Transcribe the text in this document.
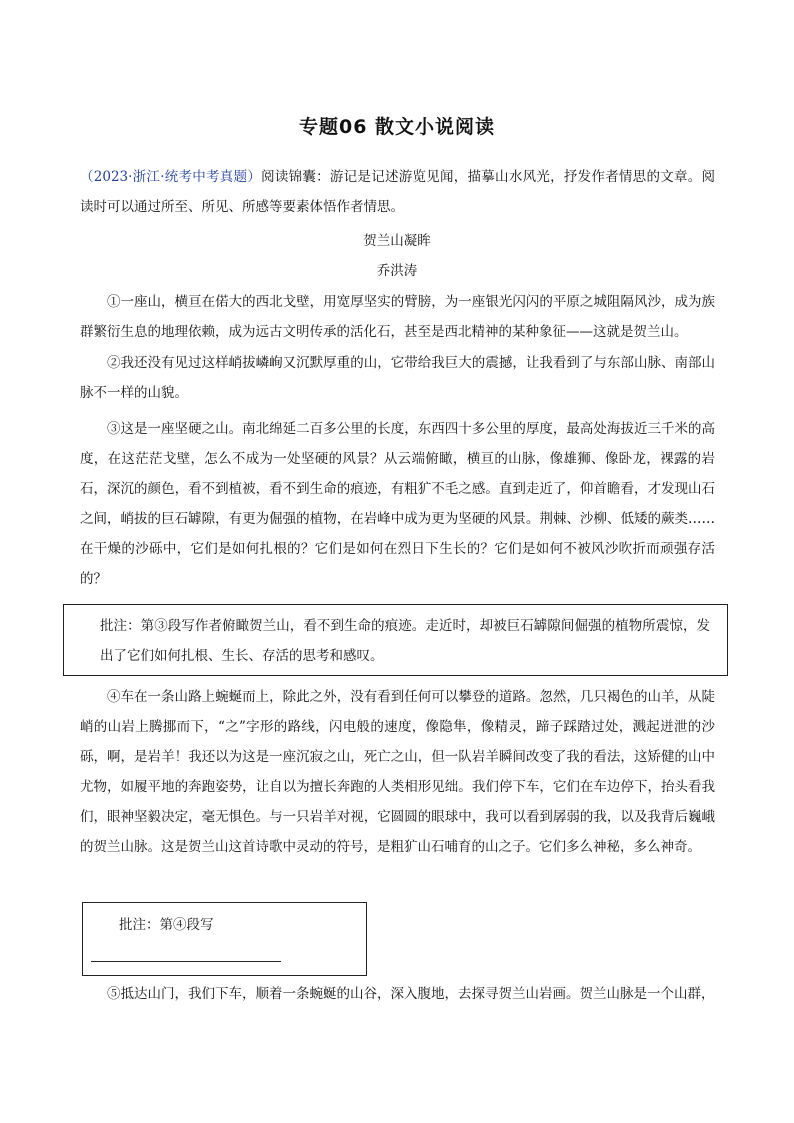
专题06 散文小说阅读

（2023·浙江·统考中考真题）阅读锦囊：游记是记述游览见闻，描摹山水风光，抒发作者情思的文章。阅读时可以通过所至、所见、所感等要素体悟作者情思。

贺兰山凝眸
乔洪涛

①一座山，横亘在偌大的西北戈壁，用宽厚坚实的臂膀，为一座银光闪闪的平原之城阻隔风沙，成为族群繁衍生息的地理依赖，成为远古文明传承的活化石，甚至是西北精神的某种象征——这就是贺兰山。

②我还没有见过这样峭拔嶙峋又沉默厚重的山，它带给我巨大的震撼，让我看到了与东部山脉、南部山脉不一样的山貌。

③这是一座坚硬之山。南北绵延二百多公里的长度，东西四十多公里的厚度，最高处海拔近三千米的高度，在这茫茫戈壁，怎么不成为一处坚硬的风景？从云端俯瞰，横亘的山脉，像雄狮、像卧龙，裸露的岩石，深沉的颜色，看不到植被，看不到生命的痕迹，有粗犷不毛之感。直到走近了，仰首瞻看，才发现山石之间，峭拔的巨石罅隙，有更为倔强的植物，在岩峰中成为更为坚硬的风景。荆棘、沙柳、低矮的蕨类……在干燥的沙砾中，它们是如何扎根的？它们是如何在烈日下生长的？它们是如何不被风沙吹折而顽强存活的？

批注：第③段写作者俯瞰贺兰山，看不到生命的痕迹。走近时，却被巨石罅隙间倔强的植物所震惊，发出了它们如何扎根、生长、存活的思考和感叹。

④车在一条山路上蜿蜒而上，除此之外，没有看到任何可以攀登的道路。忽然，几只褐色的山羊，从陡峭的山岩上腾挪而下，“之”字形的路线，闪电般的速度，像隐隼，像精灵，蹄子踩踏过处，溅起迸泄的沙砾，啊，是岩羊！我还以为这是一座沉寂之山，死亡之山，但一队岩羊瞬间改变了我的看法，这矫健的山中尤物，如履平地的奔跑姿势，让自以为擅长奔跑的人类相形见绌。我们停下车，它们在车边停下，抬头看我们，眼神坚毅决定，毫无惧色。与一只岩羊对视，它圆圆的眼球中，我可以看到孱弱的我，以及我背后巍峨的贺兰山脉。这是贺兰山这首诗歌中灵动的符号，是粗犷山石哺育的山之子。它们多么神秘，多么神奇。

批注：第④段写

⑤抵达山门，我们下车，顺着一条蜿蜒的山谷，深入腹地，去探寻贺兰山岩画。贺兰山脉是一个山群，
